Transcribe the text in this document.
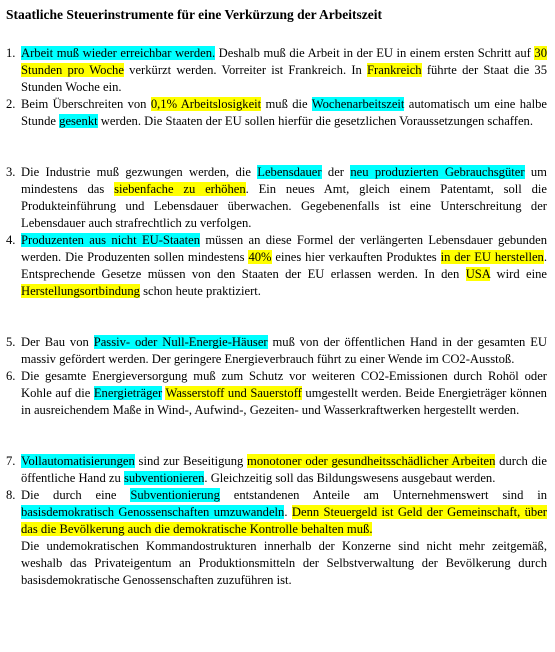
Staatliche Steuerinstrumente für eine Verkürzung der Arbeitszeit
1. Arbeit muß wieder erreichbar werden. Deshalb muß die Arbeit in der EU in einem ersten Schritt auf 30 Stunden pro Woche verkürzt werden. Vorreiter ist Frankreich. In Frankreich führte der Staat die 35 Stunden Woche ein.
2. Beim Überschreiten von 0,1% Arbeitslosigkeit muß die Wochenarbeitszeit automatisch um eine halbe Stunde gesenkt werden. Die Staaten der EU sollen hierfür die gesetzlichen Voraussetzungen schaffen.
3. Die Industrie muß gezwungen werden, die Lebensdauer der neu produzierten Gebrauchsgüter um mindestens das siebenfache zu erhöhen. Ein neues Amt, gleich einem Patentamt, soll die Produkteinführung und Lebensdauer überwachen. Gegebenenfalls ist eine Unterschreitung der Lebensdauer auch strafrechtlich zu verfolgen.
4. Produzenten aus nicht EU-Staaten müssen an diese Formel der verlängerten Lebensdauer gebunden werden. Die Produzenten sollen mindestens 40% eines hier verkauften Produktes in der EU herstellen. Entsprechende Gesetze müssen von den Staaten der EU erlassen werden. In den USA wird eine Herstellungsortbindung schon heute praktiziert.
5. Der Bau von Passiv- oder Null-Energie-Häuser muß von der öffentlichen Hand in der gesamten EU massiv gefördert werden. Der geringere Energieverbrauch führt zu einer Wende im CO2-Ausstoß.
6. Die gesamte Energieversorgung muß zum Schutz vor weiteren CO2-Emissionen durch Rohöl oder Kohle auf die Energieträger Wasserstoff und Sauerstoff umgestellt werden. Beide Energieträger können in ausreichendem Maße in Wind-, Aufwind-, Gezeiten- und Wasserkraftwerken hergestellt werden.
7. Vollautomatisierungen sind zur Beseitigung monotoner oder gesundheitsschädlicher Arbeiten durch die öffentliche Hand zu subventionieren. Gleichzeitig soll das Bildungswesens ausgebaut werden.
8. Die durch eine Subventionierung entstandenen Anteile am Unternehmenswert sind in basisdemokratisch Genossenschaften umzuwandeln. Denn Steuergeld ist Geld der Gemeinschaft, über das die Bevölkerung auch die demokratische Kontrolle behalten muß.

Die undemokratischen Kommandostrukturen innerhalb der Konzerne sind nicht mehr zeitgemäß, weshalb das Privateigentum an Produktionsmitteln der Selbstverwaltung der Bevölkerung durch basisdemokratische Genossenschaften zuzuführen ist.
